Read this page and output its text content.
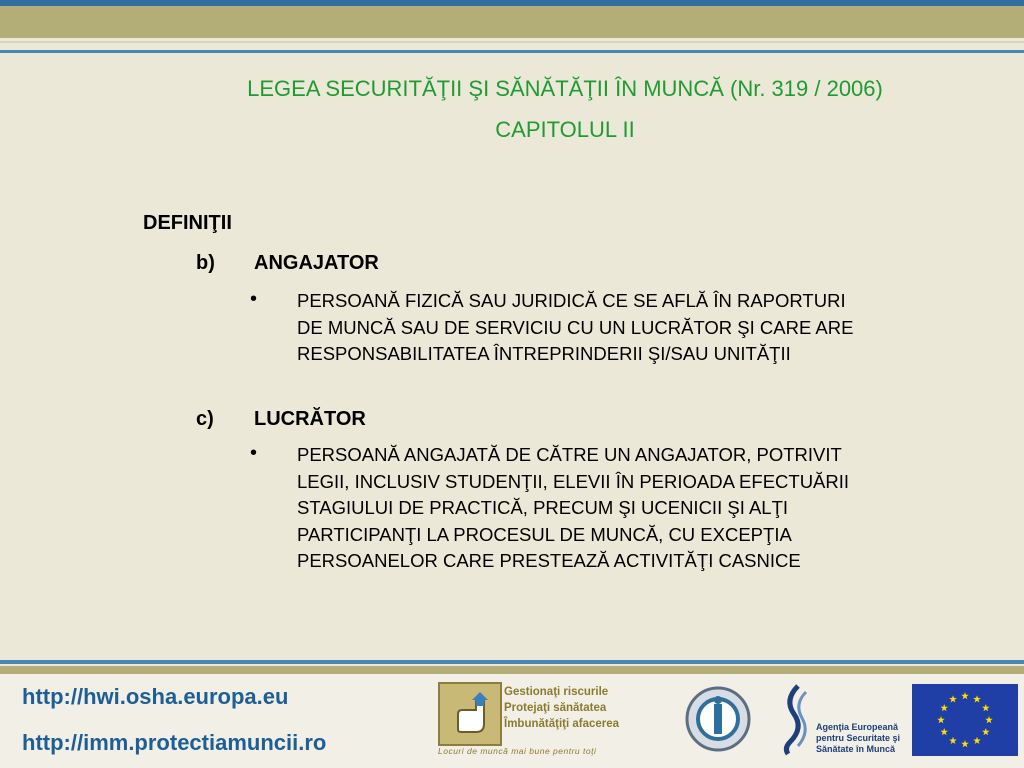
LEGEA SECURITĂŢII ŞI SĂNĂTĂŢII ÎN MUNCĂ (Nr. 319 / 2006)
CAPITOLUL II
DEFINIŢII
b) ANGAJATOR
• PERSOANĂ FIZICĂ SAU JURIDICĂ CE SE AFLĂ ÎN RAPORTURI
DE MUNCĂ SAU DE SERVICIU CU UN LUCRĂTOR ŞI CARE ARE
RESPONSABILITATEA ÎNTREPRINDERII ŞI/SAU UNITĂŢII
c) LUCRĂTOR
• PERSOANĂ ANGAJATĂ DE CĂTRE UN ANGAJATOR, POTRIVIT
LEGII, INCLUSIV STUDENŢII, ELEVII ÎN PERIOADA EFECTUĂRII
STAGIULUI DE PRACTICĂ, PRECUM ŞI UCENICII ŞI ALŢI
PARTICIPANŢI LA PROCESUL DE MUNCĂ, CU EXCEPŢIA
PERSOANELOR CARE PRESTEAZĂ ACTIVITĂŢI CASNICE
http://hwi.osha.europa.eu
http://imm.protectiamuncii.ro
Gestionaţi riscurile
Protejaţi sănătatea
Îmbunătăţiţi afacerea
Locuri de muncă mai bune pentru toţi
Agenţia Europeană
pentru Securitate şi
Sănătate în Muncă
